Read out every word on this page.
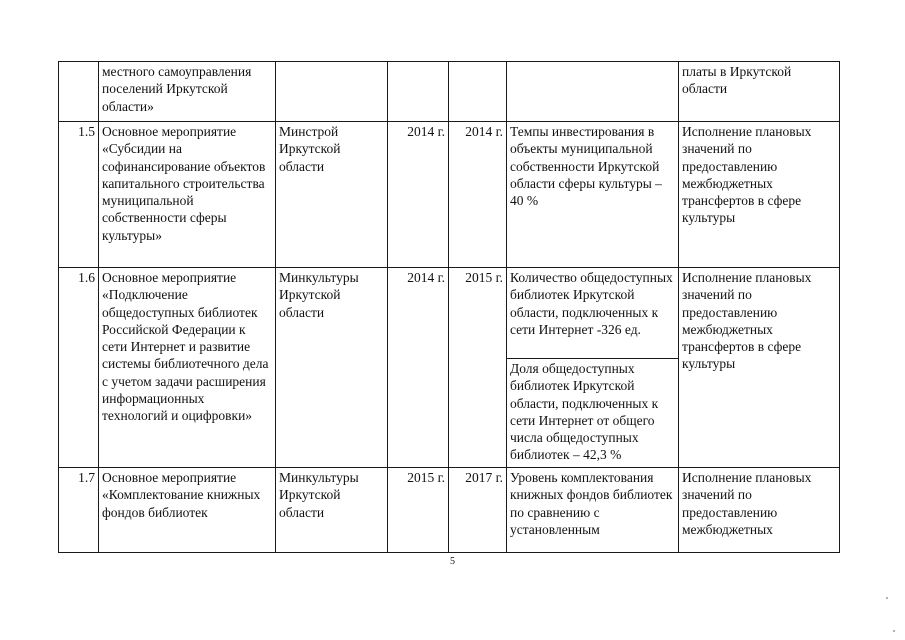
	местного самоуправления поселений Иркутской области»					платы в Иркутской области
1.5	Основное мероприятие «Субсидии на софинансирование объектов капитального строительства муниципальной собственности сферы культуры»	Минстрой Иркутской области	2014 г.	2014 г.	Темпы инвестирования в объекты муниципальной собственности Иркутской области сферы культуры – 40 %	Исполнение плановых значений по предоставлению межбюджетных трансфертов в сфере культуры
1.6	Основное мероприятие «Подключение общедоступных библиотек Российской Федерации к сети Интернет и развитие системы библиотечного дела с учетом задачи расширения информационных технологий и оцифровки»	Минкультуры Иркутской области	2014 г.	2015 г.	Количество общедоступных библиотек Иркутской области, подключенных к сети Интернет -326 ед.	Исполнение плановых значений по предоставлению межбюджетных трансфертов в сфере культуры
					Доля общедоступных библиотек Иркутской области, подключенных к сети Интернет от общего числа общедоступных библиотек – 42,3 %	
1.7	Основное мероприятие «Комплектование книжных фондов библиотек	Минкультуры Иркутской области	2015 г.	2017 г.	Уровень комплектования книжных фондов библиотек по сравнению с установленным	Исполнение плановых значений по предоставлению межбюджетных
5
